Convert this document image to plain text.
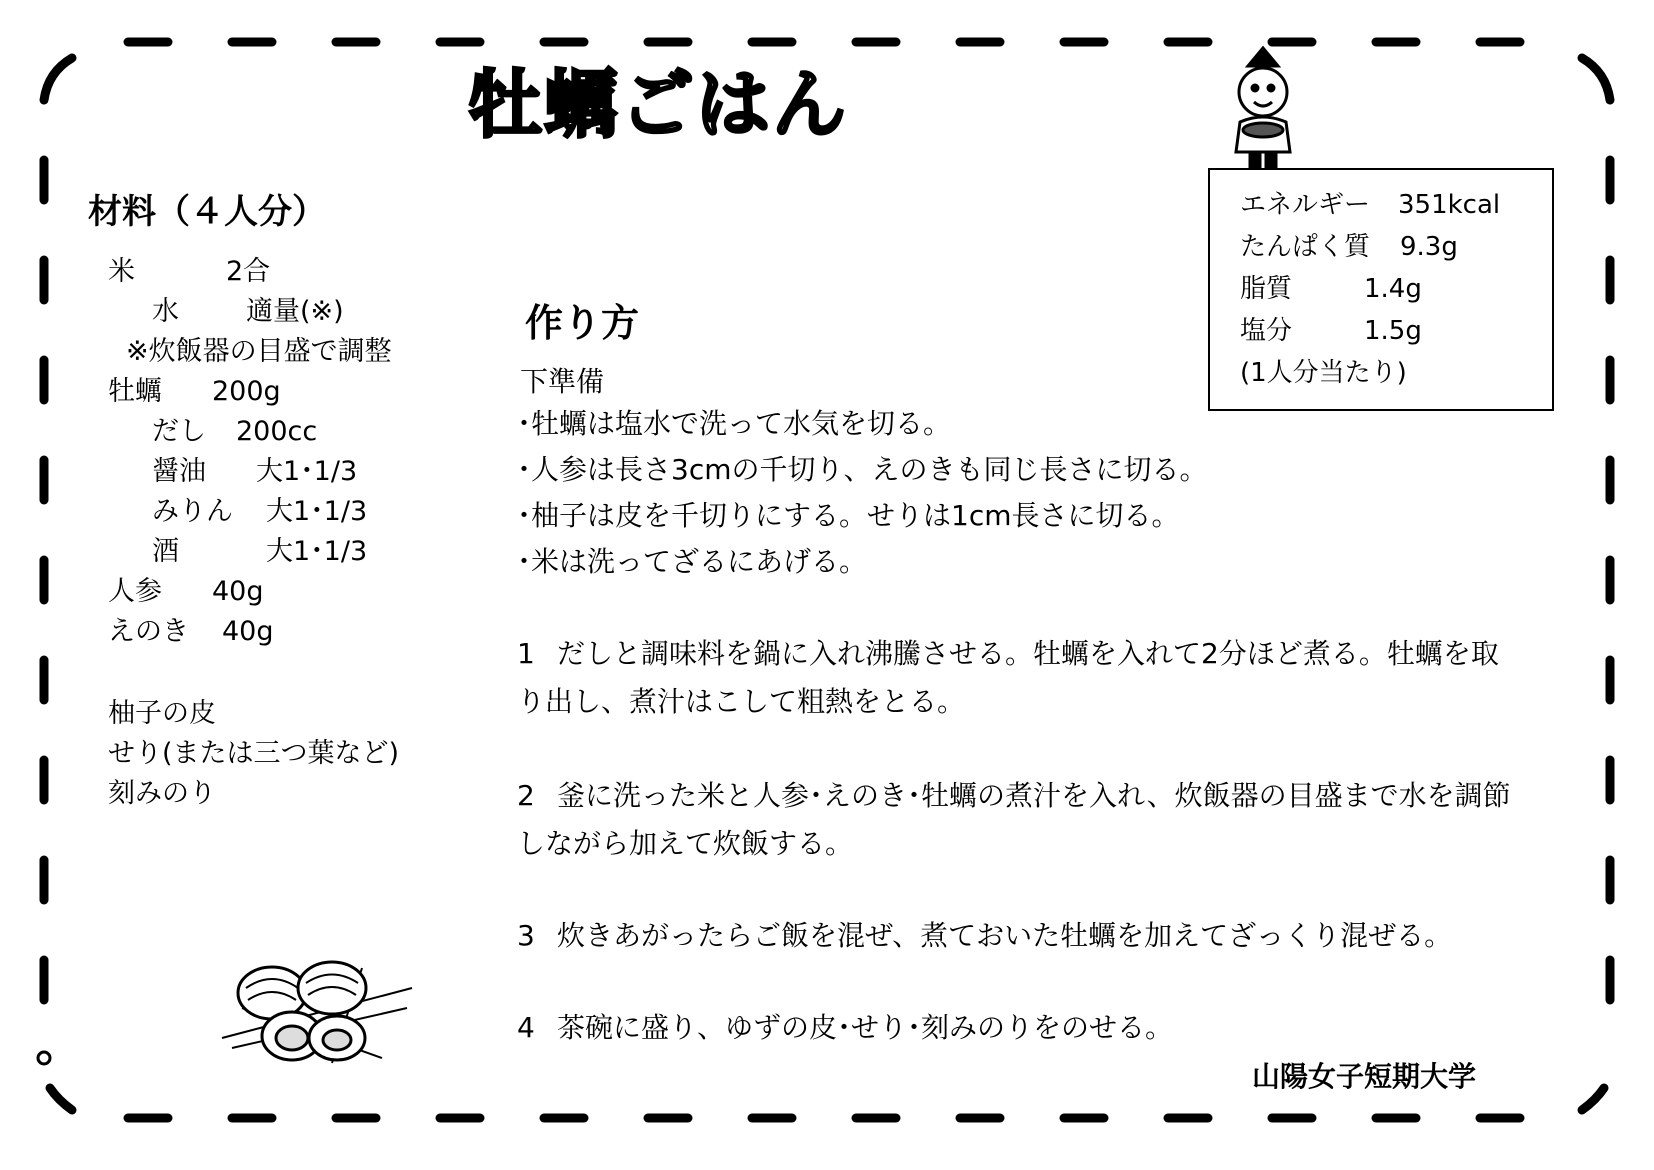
牡蠣ごはん
材料（４人分）
米	2合
水 適量(※)
※炊飯器の目盛で調整
牡蠣 200g
だし 200cc
醤油 大1･1/3
みりん 大1･1/3
酒	大1･1/3
人参 40g
えのき 40g
柚子の皮
せり(または三つ葉など)
刻みのり
作り方
下準備
･牡蠣は塩水で洗って水気を切る。
･人参は長さ3cmの千切り、えのきも同じ長さに切る。
･柚子は皮を千切りにする。せりは1cm長さに切る。
･米は洗ってざるにあげる。
1 だしと調味料を鍋に入れ沸騰させる。牡蠣を入れて2分ほど煮る。牡蠣を取り出し、煮汁はこして粗熱をとる。
2 釜に洗った米と人参･えのき･牡蠣の煮汁を入れ、炊飯器の目盛まで水を調節しながら加えて炊飯する。
3 炊きあがったらご飯を混ぜ、煮ておいた牡蠣を加えてざっくり混ぜる。
4 茶碗に盛り、ゆずの皮･せり･刻みのりをのせる。
エネルギー 351kcal
たんぱく質 9.3g
脂質	1.4g
塩分	1.5g
(1人分当たり)
山陽女子短期大学
